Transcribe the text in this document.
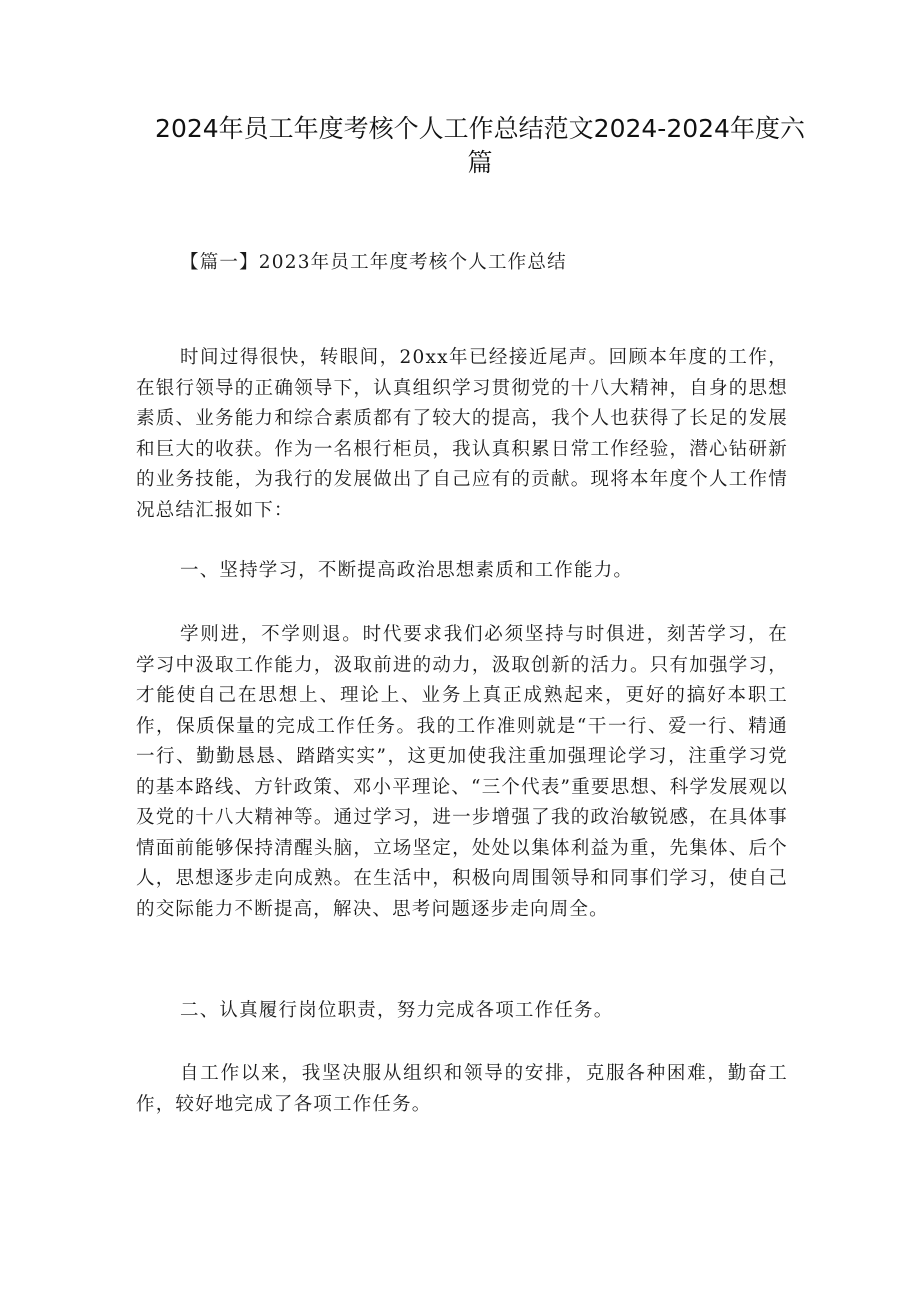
2024年员工年度考核个人工作总结范文2024-2024年度六篇

【篇一】2023年员工年度考核个人工作总结

时间过得很快，转眼间，20xx年已经接近尾声。回顾本年度的工作，在银行领导的正确领导下，认真组织学习贯彻党的十八大精神，自身的思想素质、业务能力和综合素质都有了较大的提高，我个人也获得了长足的发展和巨大的收获。作为一名根行柜员，我认真积累日常工作经验，潜心钻研新的业务技能，为我行的发展做出了自己应有的贡献。现将本年度个人工作情况总结汇报如下：

一、坚持学习，不断提高政治思想素质和工作能力。

学则进，不学则退。时代要求我们必须坚持与时俱进，刻苦学习，在学习中汲取工作能力，汲取前进的动力，汲取创新的活力。只有加强学习，才能使自己在思想上、理论上、业务上真正成熟起来，更好的搞好本职工作，保质保量的完成工作任务。我的工作准则就是“干一行、爱一行、精通一行、勤勤恳恳、踏踏实实”，这更加使我注重加强理论学习，注重学习党的基本路线、方针政策、邓小平理论、“三个代表”重要思想、科学发展观以及党的十八大精神等。通过学习，进一步增强了我的政治敏锐感，在具体事情面前能够保持清醒头脑，立场坚定，处处以集体利益为重，先集体、后个人，思想逐步走向成熟。在生活中，积极向周围领导和同事们学习，使自己的交际能力不断提高，解决、思考问题逐步走向周全。

二、认真履行岗位职责，努力完成各项工作任务。

自工作以来，我坚决服从组织和领导的安排，克服各种困难，勤奋工作，较好地完成了各项工作任务。
